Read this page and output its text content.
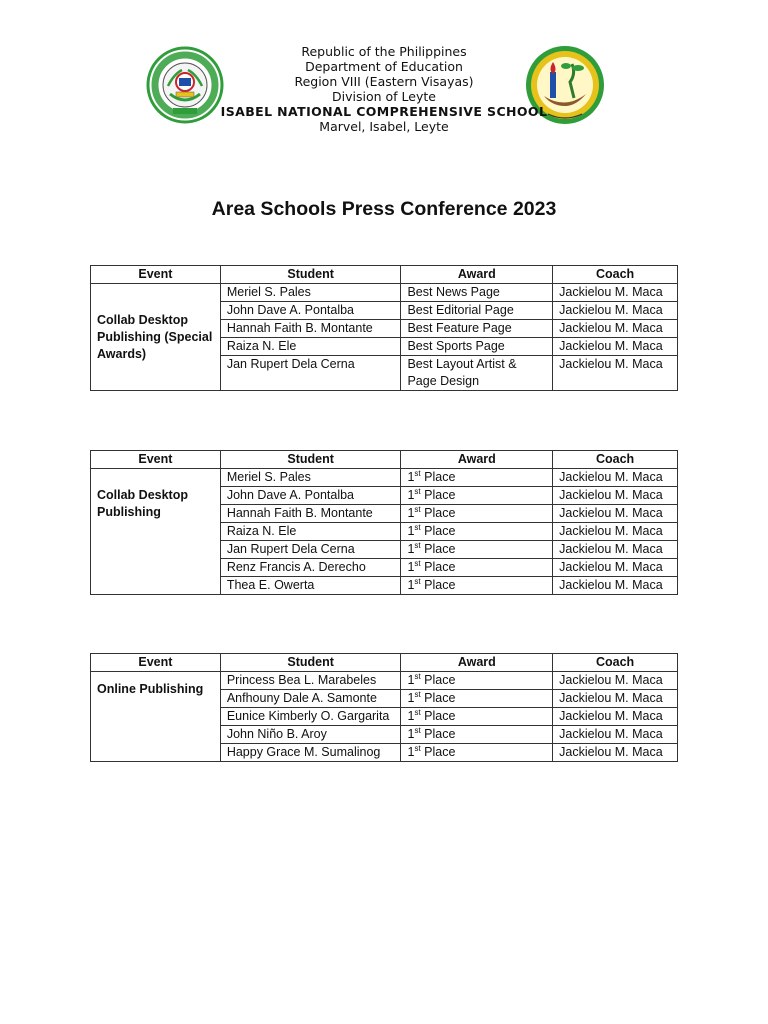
Republic of the Philippines
Department of Education
Region VIII (Eastern Visayas)
Division of Leyte
ISABEL NATIONAL COMPREHENSIVE SCHOOL
Marvel, Isabel, Leyte
Area Schools Press Conference 2023
Event	Student	Award	Coach
Collab Desktop Publishing (Special Awards)	Meriel S. Pales	Best News Page	Jackielou M. Maca
	John Dave A. Pontalba	Best Editorial Page	Jackielou M. Maca
	Hannah Faith B. Montante	Best Feature Page	Jackielou M. Maca
	Raiza N. Ele	Best Sports Page	Jackielou M. Maca
	Jan Rupert Dela Cerna	Best Layout Artist & Page Design	Jackielou M. Maca
Event	Student	Award	Coach
Collab Desktop Publishing	Meriel S. Pales	1st Place	Jackielou M. Maca
	John Dave A. Pontalba	1st Place	Jackielou M. Maca
	Hannah Faith B. Montante	1st Place	Jackielou M. Maca
	Raiza N. Ele	1st Place	Jackielou M. Maca
	Jan Rupert Dela Cerna	1st Place	Jackielou M. Maca
	Renz Francis A. Derecho	1st Place	Jackielou M. Maca
	Thea E. Owerta	1st Place	Jackielou M. Maca
Event	Student	Award	Coach
Online Publishing	Princess Bea L. Marabeles	1st Place	Jackielou M. Maca
	Anfhouny Dale A. Samonte	1st Place	Jackielou M. Maca
	Eunice Kimberly O. Gargarita	1st Place	Jackielou M. Maca
	John Niño B. Aroy	1st Place	Jackielou M. Maca
	Happy Grace M. Sumalinog	1st Place	Jackielou M. Maca
